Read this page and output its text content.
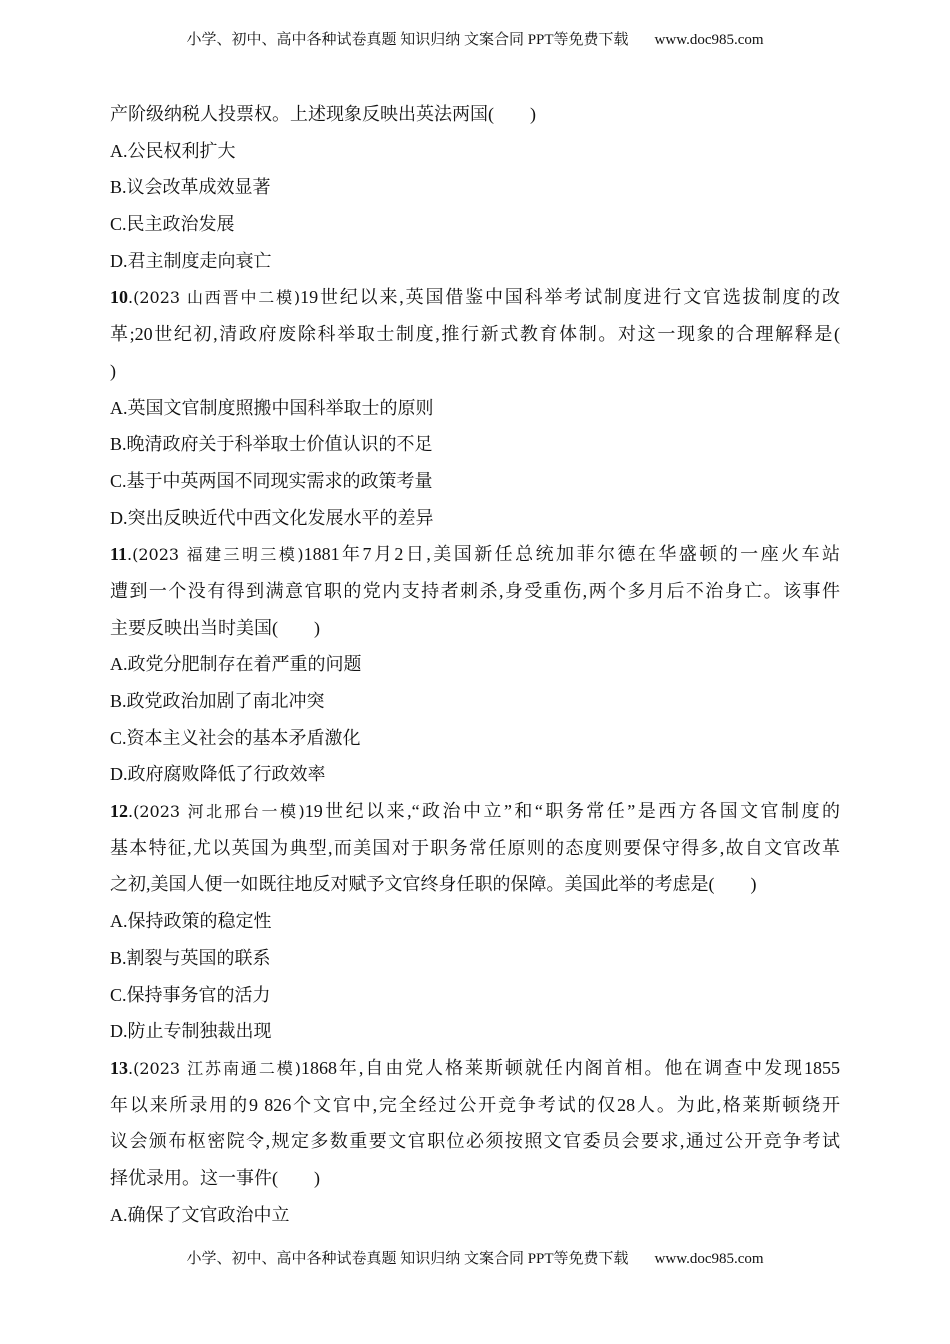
小学、初中、高中各种试卷真题 知识归纳 文案合同 PPT等免费下载 www.doc985.com
产阶级纳税人投票权。上述现象反映出英法两国(　　)
A.公民权利扩大
B.议会改革成效显著
C.民主政治发展
D.君主制度走向衰亡
10.(2023 山西晋中二模)19世纪以来,英国借鉴中国科举考试制度进行文官选拔制度的改
革;20世纪初,清政府废除科举取士制度,推行新式教育体制。对这一现象的合理解释是(
)
A.英国文官制度照搬中国科举取士的原则
B.晚清政府关于科举取士价值认识的不足
C.基于中英两国不同现实需求的政策考量
D.突出反映近代中西文化发展水平的差异
11.(2023 福建三明三模)1881年7月2日,美国新任总统加菲尔德在华盛顿的一座火车站
遭到一个没有得到满意官职的党内支持者刺杀,身受重伤,两个多月后不治身亡。该事件
主要反映出当时美国(　　)
A.政党分肥制存在着严重的问题
B.政党政治加剧了南北冲突
C.资本主义社会的基本矛盾激化
D.政府腐败降低了行政效率
12.(2023 河北邢台一模)19世纪以来,“政治中立”和“职务常任”是西方各国文官制度的
基本特征,尤以英国为典型,而美国对于职务常任原则的态度则要保守得多,故自文官改革
之初,美国人便一如既往地反对赋予文官终身任职的保障。美国此举的考虑是(　　)
A.保持政策的稳定性
B.割裂与英国的联系
C.保持事务官的活力
D.防止专制独裁出现
13.(2023 江苏南通二模)1868年,自由党人格莱斯顿就任内阁首相。他在调查中发现1855
年以来所录用的9 826个文官中,完全经过公开竞争考试的仅28人。为此,格莱斯顿绕开
议会颁布枢密院令,规定多数重要文官职位必须按照文官委员会要求,通过公开竞争考试
择优录用。这一事件(　　)
A.确保了文官政治中立
小学、初中、高中各种试卷真题 知识归纳 文案合同 PPT等免费下载 www.doc985.com
